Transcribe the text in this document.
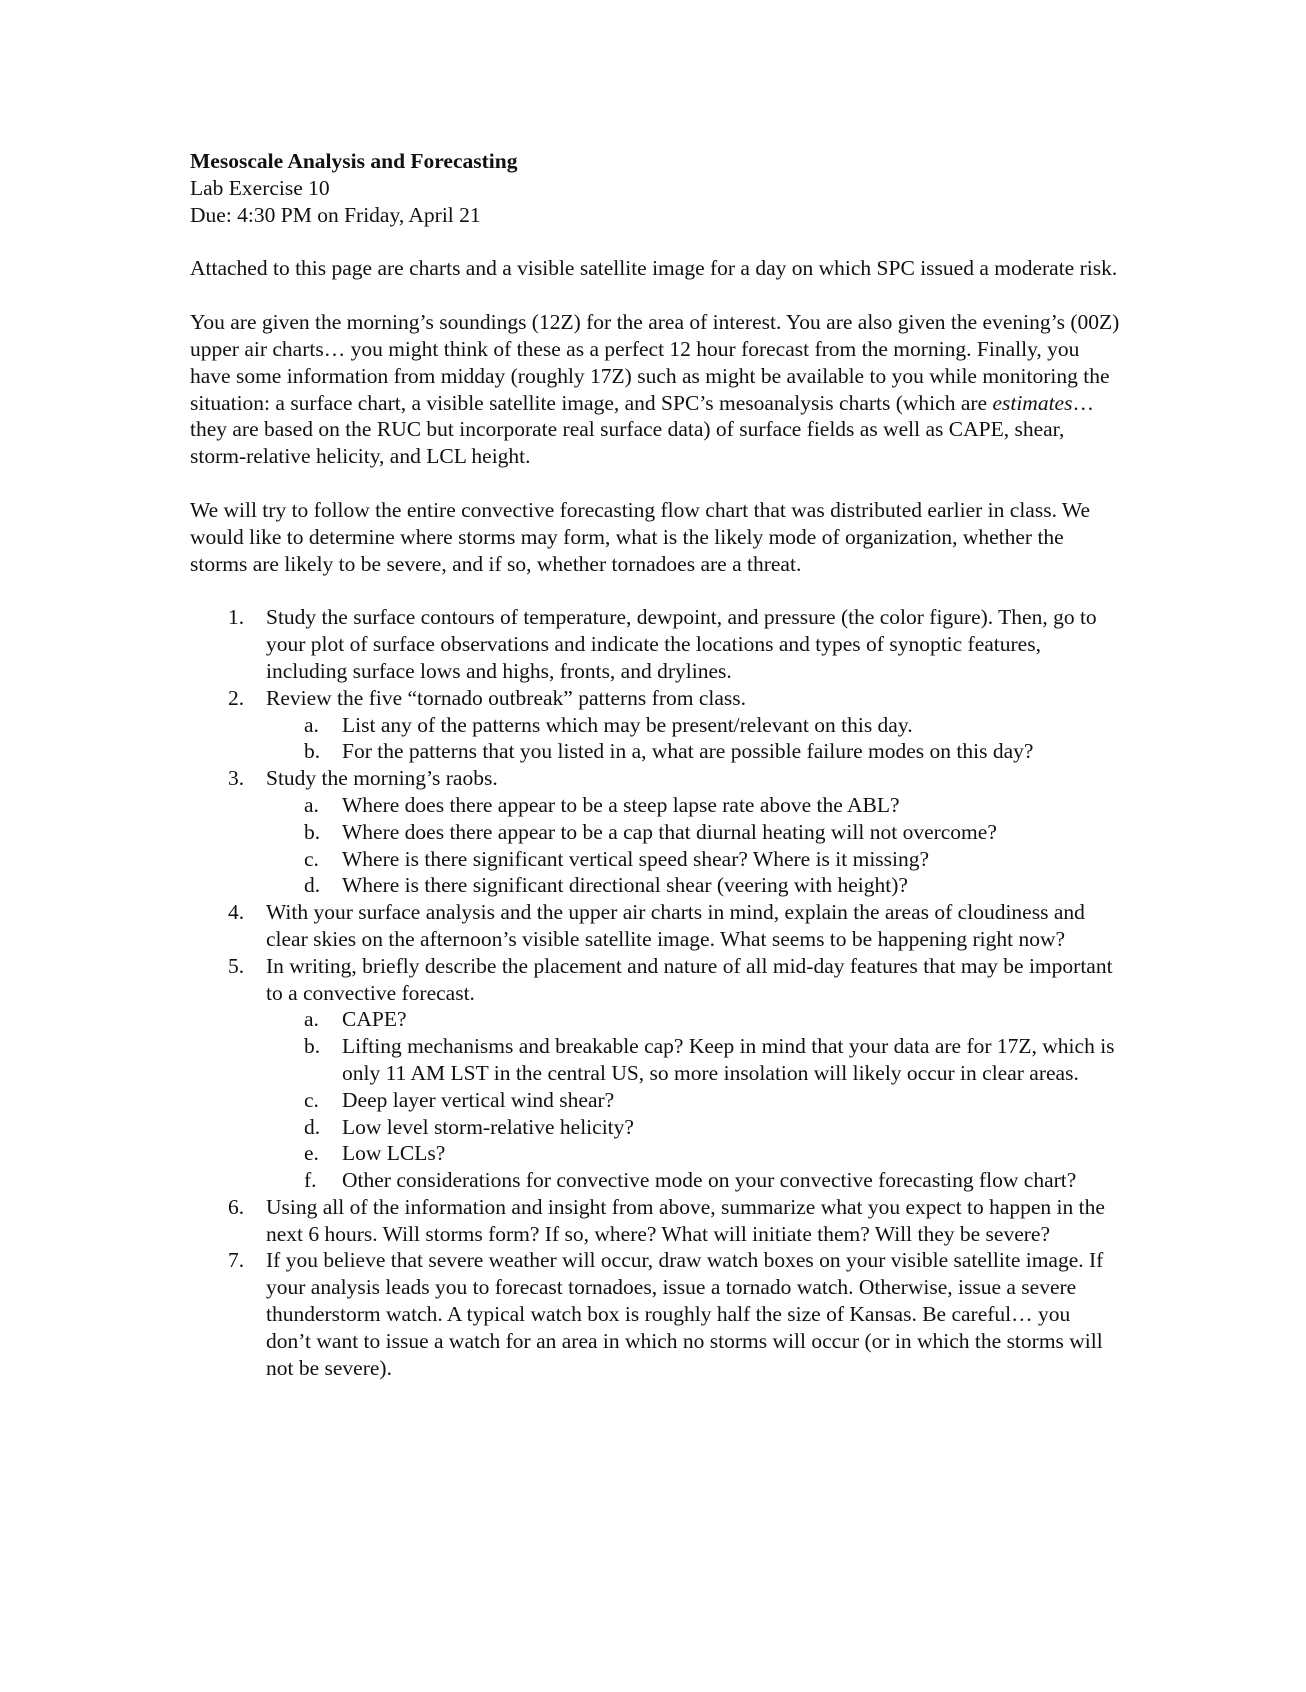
Mesoscale Analysis and Forecasting
Lab Exercise 10
Due: 4:30 PM on Friday, April 21

Attached to this page are charts and a visible satellite image for a day on which SPC issued a moderate risk.

You are given the morning’s soundings (12Z) for the area of interest. You are also given the evening’s (00Z) upper air charts… you might think of these as a perfect 12 hour forecast from the morning. Finally, you have some information from midday (roughly 17Z) such as might be available to you while monitoring the situation: a surface chart, a visible satellite image, and SPC’s mesoanalysis charts (which are estimates… they are based on the RUC but incorporate real surface data) of surface fields as well as CAPE, shear, storm-relative helicity, and LCL height.

We will try to follow the entire convective forecasting flow chart that was distributed earlier in class. We would like to determine where storms may form, what is the likely mode of organization, whether the storms are likely to be severe, and if so, whether tornadoes are a threat.

1. Study the surface contours of temperature, dewpoint, and pressure (the color figure). Then, go to your plot of surface observations and indicate the locations and types of synoptic features, including surface lows and highs, fronts, and drylines.
2. Review the five “tornado outbreak” patterns from class.
a. List any of the patterns which may be present/relevant on this day.
b. For the patterns that you listed in a, what are possible failure modes on this day?
3. Study the morning’s raobs.
a. Where does there appear to be a steep lapse rate above the ABL?
b. Where does there appear to be a cap that diurnal heating will not overcome?
c. Where is there significant vertical speed shear? Where is it missing?
d. Where is there significant directional shear (veering with height)?
4. With your surface analysis and the upper air charts in mind, explain the areas of cloudiness and clear skies on the afternoon’s visible satellite image. What seems to be happening right now?
5. In writing, briefly describe the placement and nature of all mid-day features that may be important to a convective forecast.
a. CAPE?
b. Lifting mechanisms and breakable cap? Keep in mind that your data are for 17Z, which is only 11 AM LST in the central US, so more insolation will likely occur in clear areas.
c. Deep layer vertical wind shear?
d. Low level storm-relative helicity?
e. Low LCLs?
f. Other considerations for convective mode on your convective forecasting flow chart?
6. Using all of the information and insight from above, summarize what you expect to happen in the next 6 hours. Will storms form? If so, where? What will initiate them? Will they be severe?
7. If you believe that severe weather will occur, draw watch boxes on your visible satellite image. If your analysis leads you to forecast tornadoes, issue a tornado watch. Otherwise, issue a severe thunderstorm watch. A typical watch box is roughly half the size of Kansas. Be careful… you don’t want to issue a watch for an area in which no storms will occur (or in which the storms will not be severe).
